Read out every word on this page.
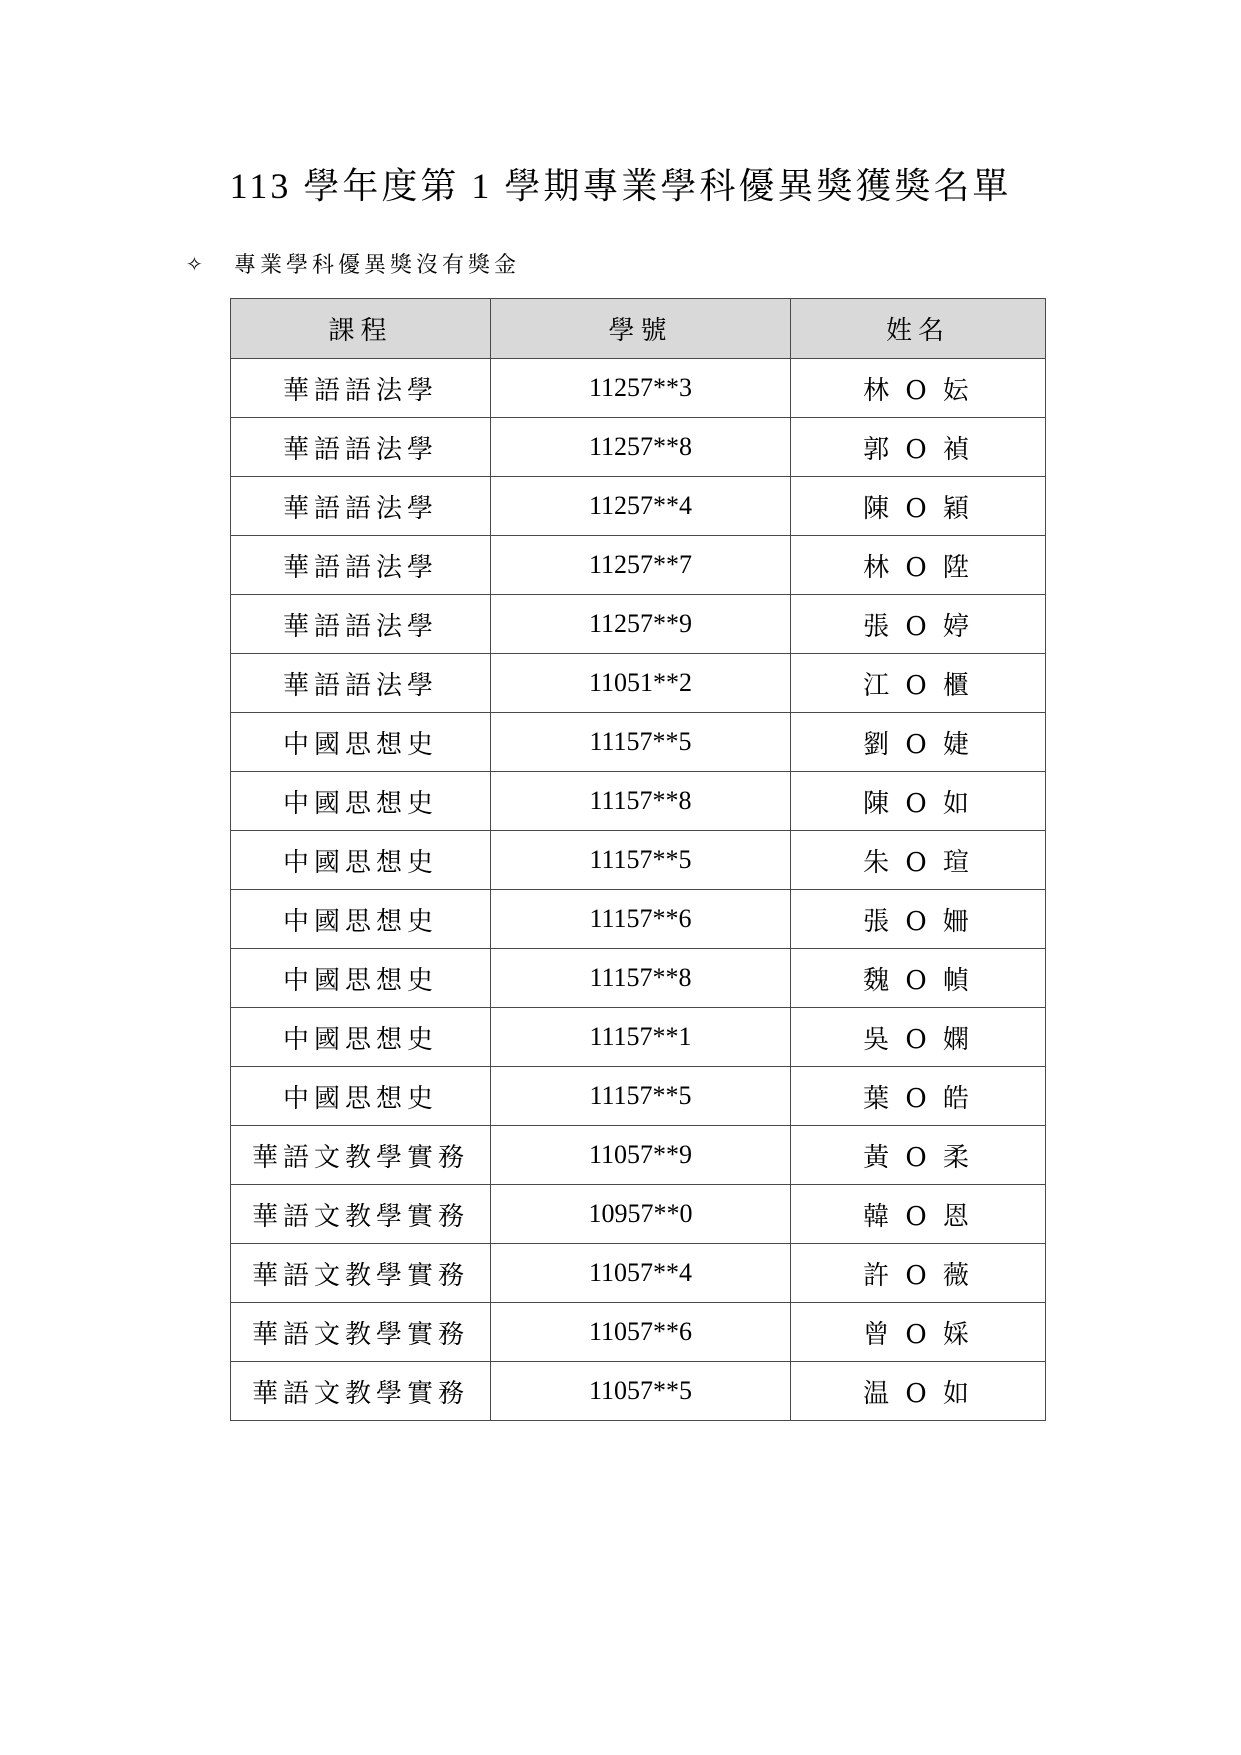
113 學年度第 1 學期專業學科優異獎獲獎名單
✧ 專業學科優異獎沒有獎金
課程	學號	姓名
華語語法學	11257**3	林 O 妘
華語語法學	11257**8	郭 O 禎
華語語法學	11257**4	陳 O 穎
華語語法學	11257**7	林 O 陞
華語語法學	11257**9	張 O 婷
華語語法學	11051**2	江 O 櫃
中國思想史	11157**5	劉 O 婕
中國思想史	11157**8	陳 O 如
中國思想史	11157**5	朱 O 瑄
中國思想史	11157**6	張 O 姍
中國思想史	11157**8	魏 O 幀
中國思想史	11157**1	吳 O 嫻
中國思想史	11157**5	葉 O 皓
華語文教學實務	11057**9	黃 O 柔
華語文教學實務	10957**0	韓 O 恩
華語文教學實務	11057**4	許 O 薇
華語文教學實務	11057**6	曾 O 婇
華語文教學實務	11057**5	温 O 如
